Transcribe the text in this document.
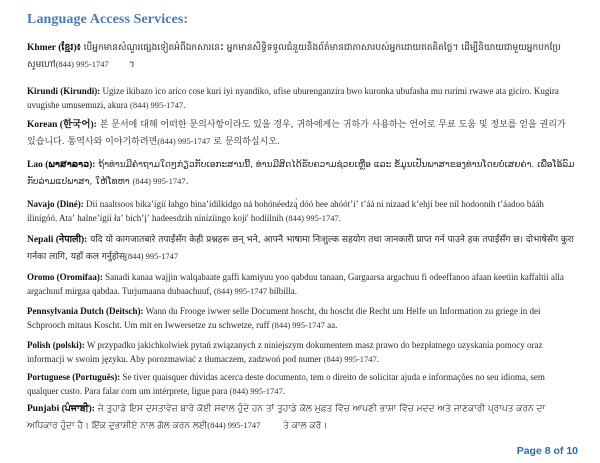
Language Access Services:
Khmer (ខ្មែរ)៖ បើអ្នកមានសំណួរផ្សេងទៀតអំពីឯកសារនេះ អ្នកមានសិទ្ធិទទួលជំនួយនិងព័ត៌មានជាភាសារបស់អ្នកដោយឥតគិតថ្លៃ។ ដើម្បីនិយាយជាមួយអ្នកបកប្រែ សូមហៅ(844) 995-1747       ។
Kirundi (Kirundi): Ugize ikibazo ico arico cose kuri iyi nyandiko, ufise uburenganzira bwo kuronka ubufasha mu rurimi rwawe ata giciro. Kugira uvugishe umusemuzi, akura (844) 995-1747.
Korean (한국어): 본 문서에 대해 어떠한 문의사항이라도 있을 경우, 귀하에게는 귀하가 사용하는 언어로 무료 도움 및 정보를 얻을 권리가 있습니다. 통역사와 이야기하려면(844) 995-1747 로 문의하십시오.
Lao (ພາສາລາວ): ຖ້າທ່ານມີຄຳຖາມໃດໆກ່ຽວກັບເອກະສານນີ້, ທ່ານມີສິດໄດ້ຮັບຄວາມຊ່ວຍເຫຼືອ ແລະ ຂໍ້ມູນເປັນພາສາຂອງທ່ານໂດຍບໍ່ເສຍຄ່າ. ເພື່ອໂອ້ລົມກັບລ່າມແປພາສາ, ໃຫ້ໂທຫາ (844) 995-1747.
Navajo (Diné): Díí naaltsoos bikaʼígíí łahgo binaʼídílkidgo ná bohónéedzą́ dóó bee ahóótʼiʼ tʼáá ni nizaad kʼehjí bee níl hodoonih tʼáadoo bááh ílínígóó. Ataʼ halneʼígíí łaʼ bichʼįʼ hadeesdzih níníziingo koji' hodíílnih (844) 995-1747.
Nepali (नेपाली): यदि यो कागजातबारे तपाईंसँग केही प्रश्नहरू छन् भने, आफ्नै भाषामा निःशुल्क सहयोग तथा जानकारी प्राप्त गर्न पाउने हक तपाईंसँग छ। दोभाषेसँग कुरा गर्नका लागि, यहाँ कल गर्नुहोस्(844) 995-1747
Oromo (Oromifaa): Sanadi kanaa wajjin walqabaate gaffi kamiyuu yoo qabduu tanaan, Gargaarsa argachuu fi odeeffanoo afaan keetiin kaffaltii alla argachuuf mirgaa qabdaa. Turjumaana dubaachuuf, (844) 995-1747 bilbilla.
Pennsylvania Dutch (Deitsch): Wann du Frooge iwwer selle Document hoscht, du hoscht die Recht um Helfe un Information zu griege in dei Schprooch mitaus Koscht. Um mit en Iwwersetze zu schwetze, ruff (844) 995-1747 aa.
Polish (polski): W przypadku jakichkolwiek pytań związanych z niniejszym dokumentem masz prawo do bezpłatnego uzyskania pomocy oraz informacji w swoim języku. Aby porozmawiać z tłumaczem, zadzwoń pod numer (844) 995-1747.
Portuguese (Português): Se tiver quaisquer dúvidas acerca deste documento, tem o direito de solicitar ajuda e informações no seu idioma, sem qualquer custo. Para falar com um intérprete, ligue para (844) 995-1747.
Punjabi (ਪੰਜਾਬੀ): ਜੇ ਤੁਹਾਡੇ ਇਸ ਦਸਤਾਵੇਜ਼ ਬਾਰੇ ਕੋਈ ਸਵਾਲ ਹੁੰਦੇ ਹਨ ਤਾਂ ਤੁਹਾਡੇ ਕੋਲ ਮੁਫ਼ਤ ਵਿੱਚ ਆਪਣੀ ਭਾਸ਼ਾ ਵਿੱਚ ਮਦਦ ਅਤੇ ਜਾਣਕਾਰੀ ਪ੍ਰਾਪਤ ਕਰਨ ਦਾ ਅਧਿਕਾਰ ਹੁੰਦਾ ਹੈ। ਇੱਕ ਦੁਭਾਸ਼ੀਏ ਨਾਲ ਗੱਲ ਕਰਨ ਲਈ(844) 995-1747        ਤੇ ਕਾਲ ਕਰੋ।
Page 8 of 10
